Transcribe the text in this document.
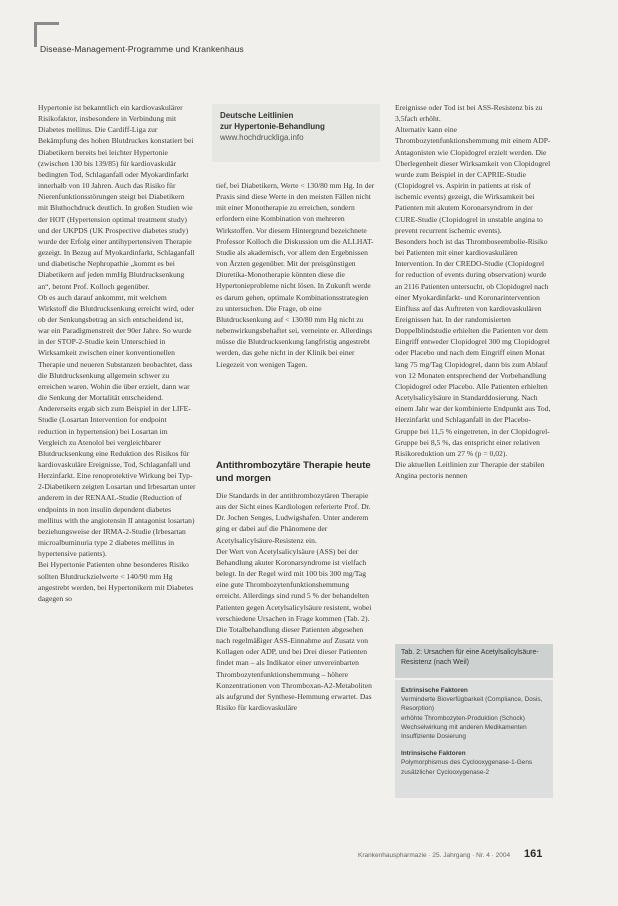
Disease-Management-Programme und Krankenhaus

Hypertonie ist bekanntlich ein kardiovaskulärer Risikofaktor, insbesondere in Verbindung mit Diabetes mellitus. Die Cardiff-Liga zur Bekämpfung des hohen Blutdruckes konstatiert bei Diabetikern bereits bei leichter Hypertonie (zwischen 130 bis 139/85) für kardiovaskulär bedingten Tod, Schlaganfall oder Myokardinfarkt innerhalb von 10 Jahren. Auch das Risiko für Nierenfunktionsstörungen steigt bei Diabetikern mit Bluthochdruck deutlich. In großen Studien wie der HOT (Hypertension optimal treatment study) und der UKPDS (UK Prospective diabetes study) wurde der Erfolg einer antihypertensiven Therapie gezeigt. In Bezug auf Myokardinfarkt, Schlaganfall und diabetische Nephropathie „kommt es bei Diabetikern auf jeden mmHg Blutdrucksenkung an“, betont Prof. Kolloch gegenüber.

Ob es auch darauf ankommt, mit welchem Wirkstoff die Blutdrucksenkung erreicht wird, oder ob der Senkungsbetrag an sich entscheidend ist, war ein Paradigmenstreit der 90er Jahre. So wurde in der STOP-2-Studie kein Unterschied in Wirksamkeit zwischen einer konventionellen Therapie und neueren Substanzen beobachtet, dass die Blutdrucksenkung allgemein schwer zu erreichen waren. Wohin die über erzielt, dann war die Senkung der Mortalität entscheidend. Andererseits ergab sich zum Beispiel in der LIFE-Studie (Losartan Intervention for endpoint reduction in hypertension) bei Losartan im Vergleich zu Atenolol bei vergleichbarer Blutdrucksenkung eine Reduktion des Risikos für kardiovaskuläre Ereignisse, Tod, Schlaganfall und Herzinfarkt. Eine renoprotektive Wirkung bei Typ-2-Diabetikern zeigten Losartan und Irbesartan unter anderem in der RENAAL-Studie (Reduction of endpoints in non insulin dependent diabetes mellitus with the angiotensin II antagonist losartan) beziehungsweise der IRMA-2-Studie (Irbesartan microalbuminuria type 2 diabetes mellitus in hypertensive patients).

Bei Hypertonie Patienten ohne besonderes Risiko sollten Blutdruckzielwerte < 140/90 mm Hg angestrebt werden, bei Hypertonikern mit Diabetes dagegen so

Deutsche Leitlinien
zur Hypertonie-Behandlung
www.hochdruckliga.info

tief, bei Diabetikern, Werte < 130/80 mm Hg. In der Praxis sind diese Werte in den meisten Fällen nicht mit einer Monotherapie zu erreichen, sondern erfordern eine Kombination von mehreren Wirkstoffen. Vor diesem Hintergrund bezeichnete Professor Kolloch die Diskussion um die ALLHAT-Studie als akademisch, vor allem den Ergebnissen von Ärzten gegenüber. Mit der preisgünstigen Diuretika-Monotherapie könnten diese die Hypertonieprobleme nicht lösen. In Zukunft werde es darum gehen, optimale Kombinationsstrategien zu untersuchen. Die Frage, ob eine Blutdrucksenkung auf < 130/80 mm Hg nicht zu nebenwirkungsbehaftet sei, verneinte er. Allerdings müsse die Blutdrucksenkung langfristig angestrebt werden, das gehe nicht in der Klinik bei einer Liegezeit von wenigen Tagen.

Antithrombozytäre Therapie heute und morgen

Die Standards in der antithrombozytären Therapie aus der Sicht eines Kardiologen referierte Prof. Dr. Dr. Jochen Senges, Ludwigshafen. Unter anderem ging er dabei auf die Phänomene der Acetylsalicylsäure-Resistenz ein.

Der Wert von Acetylsalicylsäure (ASS) bei der Behandlung akuter Koronarsyndrome ist vielfach belegt. In der Regel wird mit 100 bis 300 mg/Tag eine gute Thrombozytenfunktionshemmung erreicht. Allerdings sind rund 5 % der behandelten Patienten gegen Acetylsalicylsäure resistent, wobei verschiedene Ursachen in Frage kommen (Tab. 2). Die Totalbehandlung dieser Patienten abgesehen nach regelmäßiger ASS-Einnahme auf Zusatz von Kollagen oder ADP, und bei Drei dieser Patienten findet man – als Indikator einer unvereinbarten Thrombozytenfunktionshemmung – höhere Konzentrationen von Thromboxan-A2-Metaboliten als aufgrund der Synthese-Hemmung erwartet. Das Risiko für kardiovaskuläre

Ereignisse oder Tod ist bei ASS-Resistenz bis zu 3,5fach erhöht.

Alternativ kann eine Thrombozytenfunktionshemmung mit einem ADP-Antagonisten wie Clopidogrel erzielt werden. Die Überlegenheit dieser Wirksamkeit von Clopidogrel wurde zum Beispiel in der CAPRIE-Studie (Clopidogrel vs. Aspirin in patients at risk of ischemic events) gezeigt, die Wirksamkeit bei Patienten mit akutem Koronarsyndrom in der CURE-Studie (Clopidogrel in unstable angina to prevent recurrent ischemic events).

Besonders hoch ist das Thromboseembolie-Risiko bei Patienten mit einer kardiovaskulären Intervention. In der CREDO-Studie (Clopidogrel for reduction of events during observation) wurde an 2116 Patienten untersucht, ob Clopidogrel nach einer Myokardinfarkt- und Koronarintervention Einfluss auf das Auftreten von kardiovaskulären Ereignissen hat. In der randomisierten Doppelblindstudie erhielten die Patienten vor dem Eingriff entweder Clopidogrel 300 mg Clopidogrel oder Placebo und nach dem Eingriff einen Monat lang 75 mg/Tag Clopidogrel, dann bis zum Ablauf von 12 Monaten entsprechend der Vorbehandlung Clopidogrel oder Placebo. Alle Patienten erhielten Acetylsalicylsäure in Standarddosierung. Nach einem Jahr war der kombinierte Endpunkt aus Tod, Herzinfarkt und Schlaganfall in der Placebo-Gruppe bei 11,5 % eingetreten, in der Clopidogrel-Gruppe bei 8,5 %, das entspricht einer relativen Risikoreduktion um 27 % (p = 0,02).

Die aktuellen Leitlinien zur Therapie der stabilen Angina pectoris nennen

Tab. 2: Ursachen für eine Acetylsalicylsäure-Resistenz (nach Weil)
Extrinsische Faktoren
Verminderte Bioverfügbarkeit (Compliance, Dosis, Resorption)
erhöhte Thrombozyten-Produktion (Schock)
Wechselwirkung mit anderen Medikamenten
Insuffiziente Dosierung
Intrinsische Faktoren
Polymorphismus des Cyclooxygenase-1-Gens
zusätzlicher Cyclooxygenase-2
Krankenhauspharmazie · 25. Jahrgang · Nr. 4 · 2004 161
